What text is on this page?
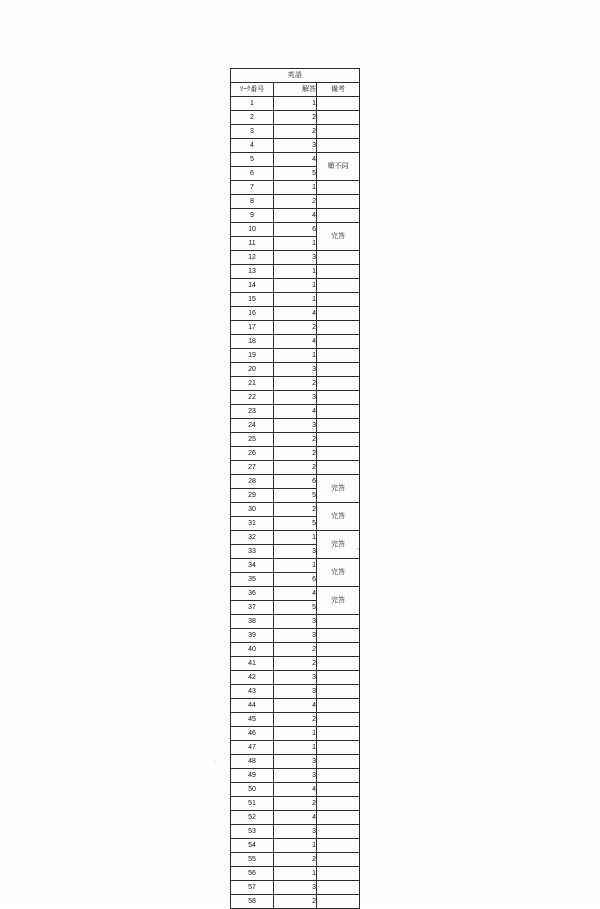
英語		
ﾏｰｸ番号	解答	備考
1	1	
2	2	
3	2	
4	3	
5	4	順不同
6	5	
7	1	
8	2	
9	4	
10	6	完答
11	1	
12	3	
13	1	
14	1	
15	1	
16	4	
17	2	
18	4	
19	1	
20	3	
21	2	
22	3	
23	4	
24	3	
25	2	
26	2	
27	2	
28	6	完答
29	5	
30	2	完答
31	5	
32	1	完答
33	3	
34	1	完答
35	6	
36	4	完答
37	5	
38	3	
39	3	
40	2	
41	2	
42	3	
43	3	
44	4	
45	2	
46	1	
47	1	
48	3	
49	3	
50	4	
51	2	
52	4	
53	3	
54	1	
55	2	
56	1	
57	3	
58	2	
